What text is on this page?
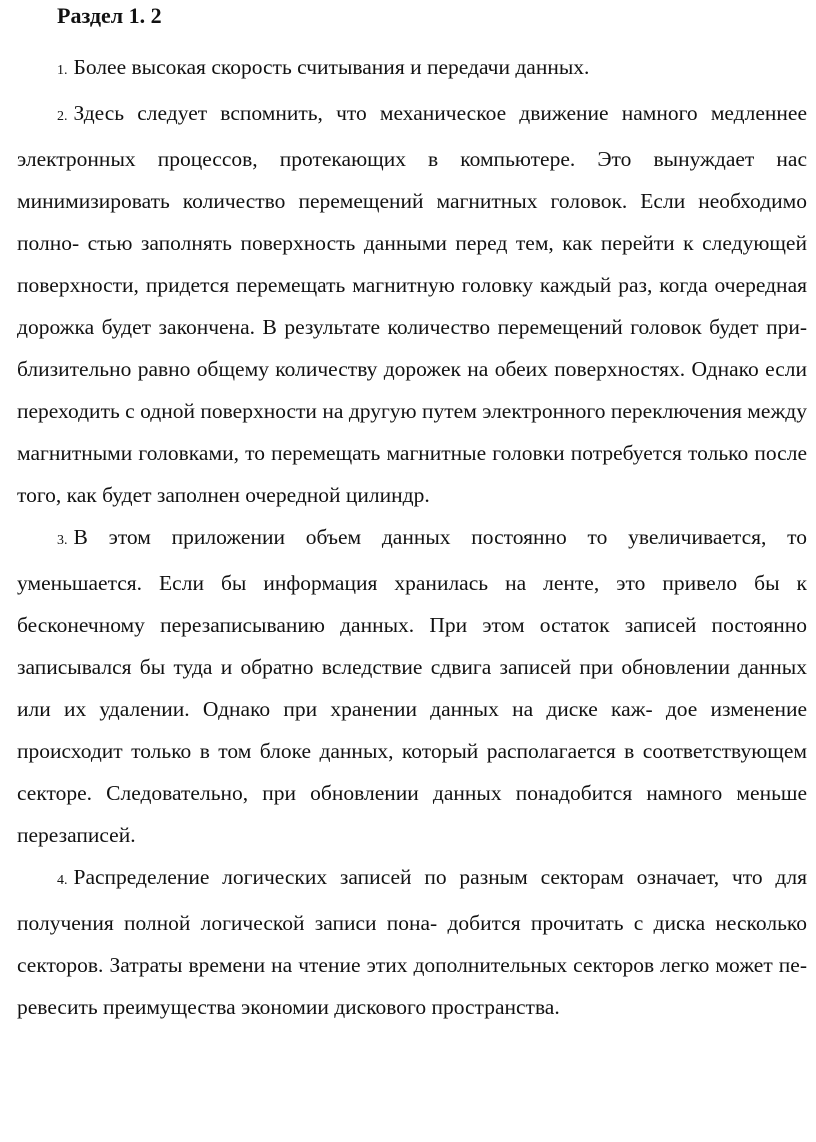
Раздел 1. 2

1. Более высокая скорость считывания и передачи данных.

2. Здесь следует вспомнить, что механическое движение намного медленнее электронных процессов, протекающих в компьютере. Это вынуждает нас минимизировать количество перемещений магнитных головок. Если необходимо полно- стью заполнять поверхность данными перед тем, как перейти к следующей поверхности, придется перемещать магнитную головку каждый раз, когда очередная дорожка будет закончена. В результате количество перемещений головок будет при- близительно равно общему количеству дорожек на обеих поверхностях. Однако если переходить с одной поверхности на другую путем электронного переключения между магнитными головками, то перемещать магнитные головки потребуется только после того, как будет заполнен очередной цилиндр.

3. В этом приложении объем данных постоянно то увеличивается, то уменьшается. Если бы информация хранилась на ленте, это привело бы к бесконечному перезаписыванию данных. При этом остаток записей постоянно записывался бы туда и обратно вследствие сдвига записей при обновлении данных или их удалении. Однако при хранении данных на диске каж- дое изменение происходит только в том блоке данных, который располагается в соответствующем секторе. Следовательно, при обновлении данных понадобится намного меньше перезаписей.

4. Распределение логических записей по разным секторам означает, что для получения полной логической записи пона- добится прочитать с диска несколько секторов. Затраты времени на чтение этих дополнительных секторов легко может пе- ревесить преимущества экономии дискового пространства.
